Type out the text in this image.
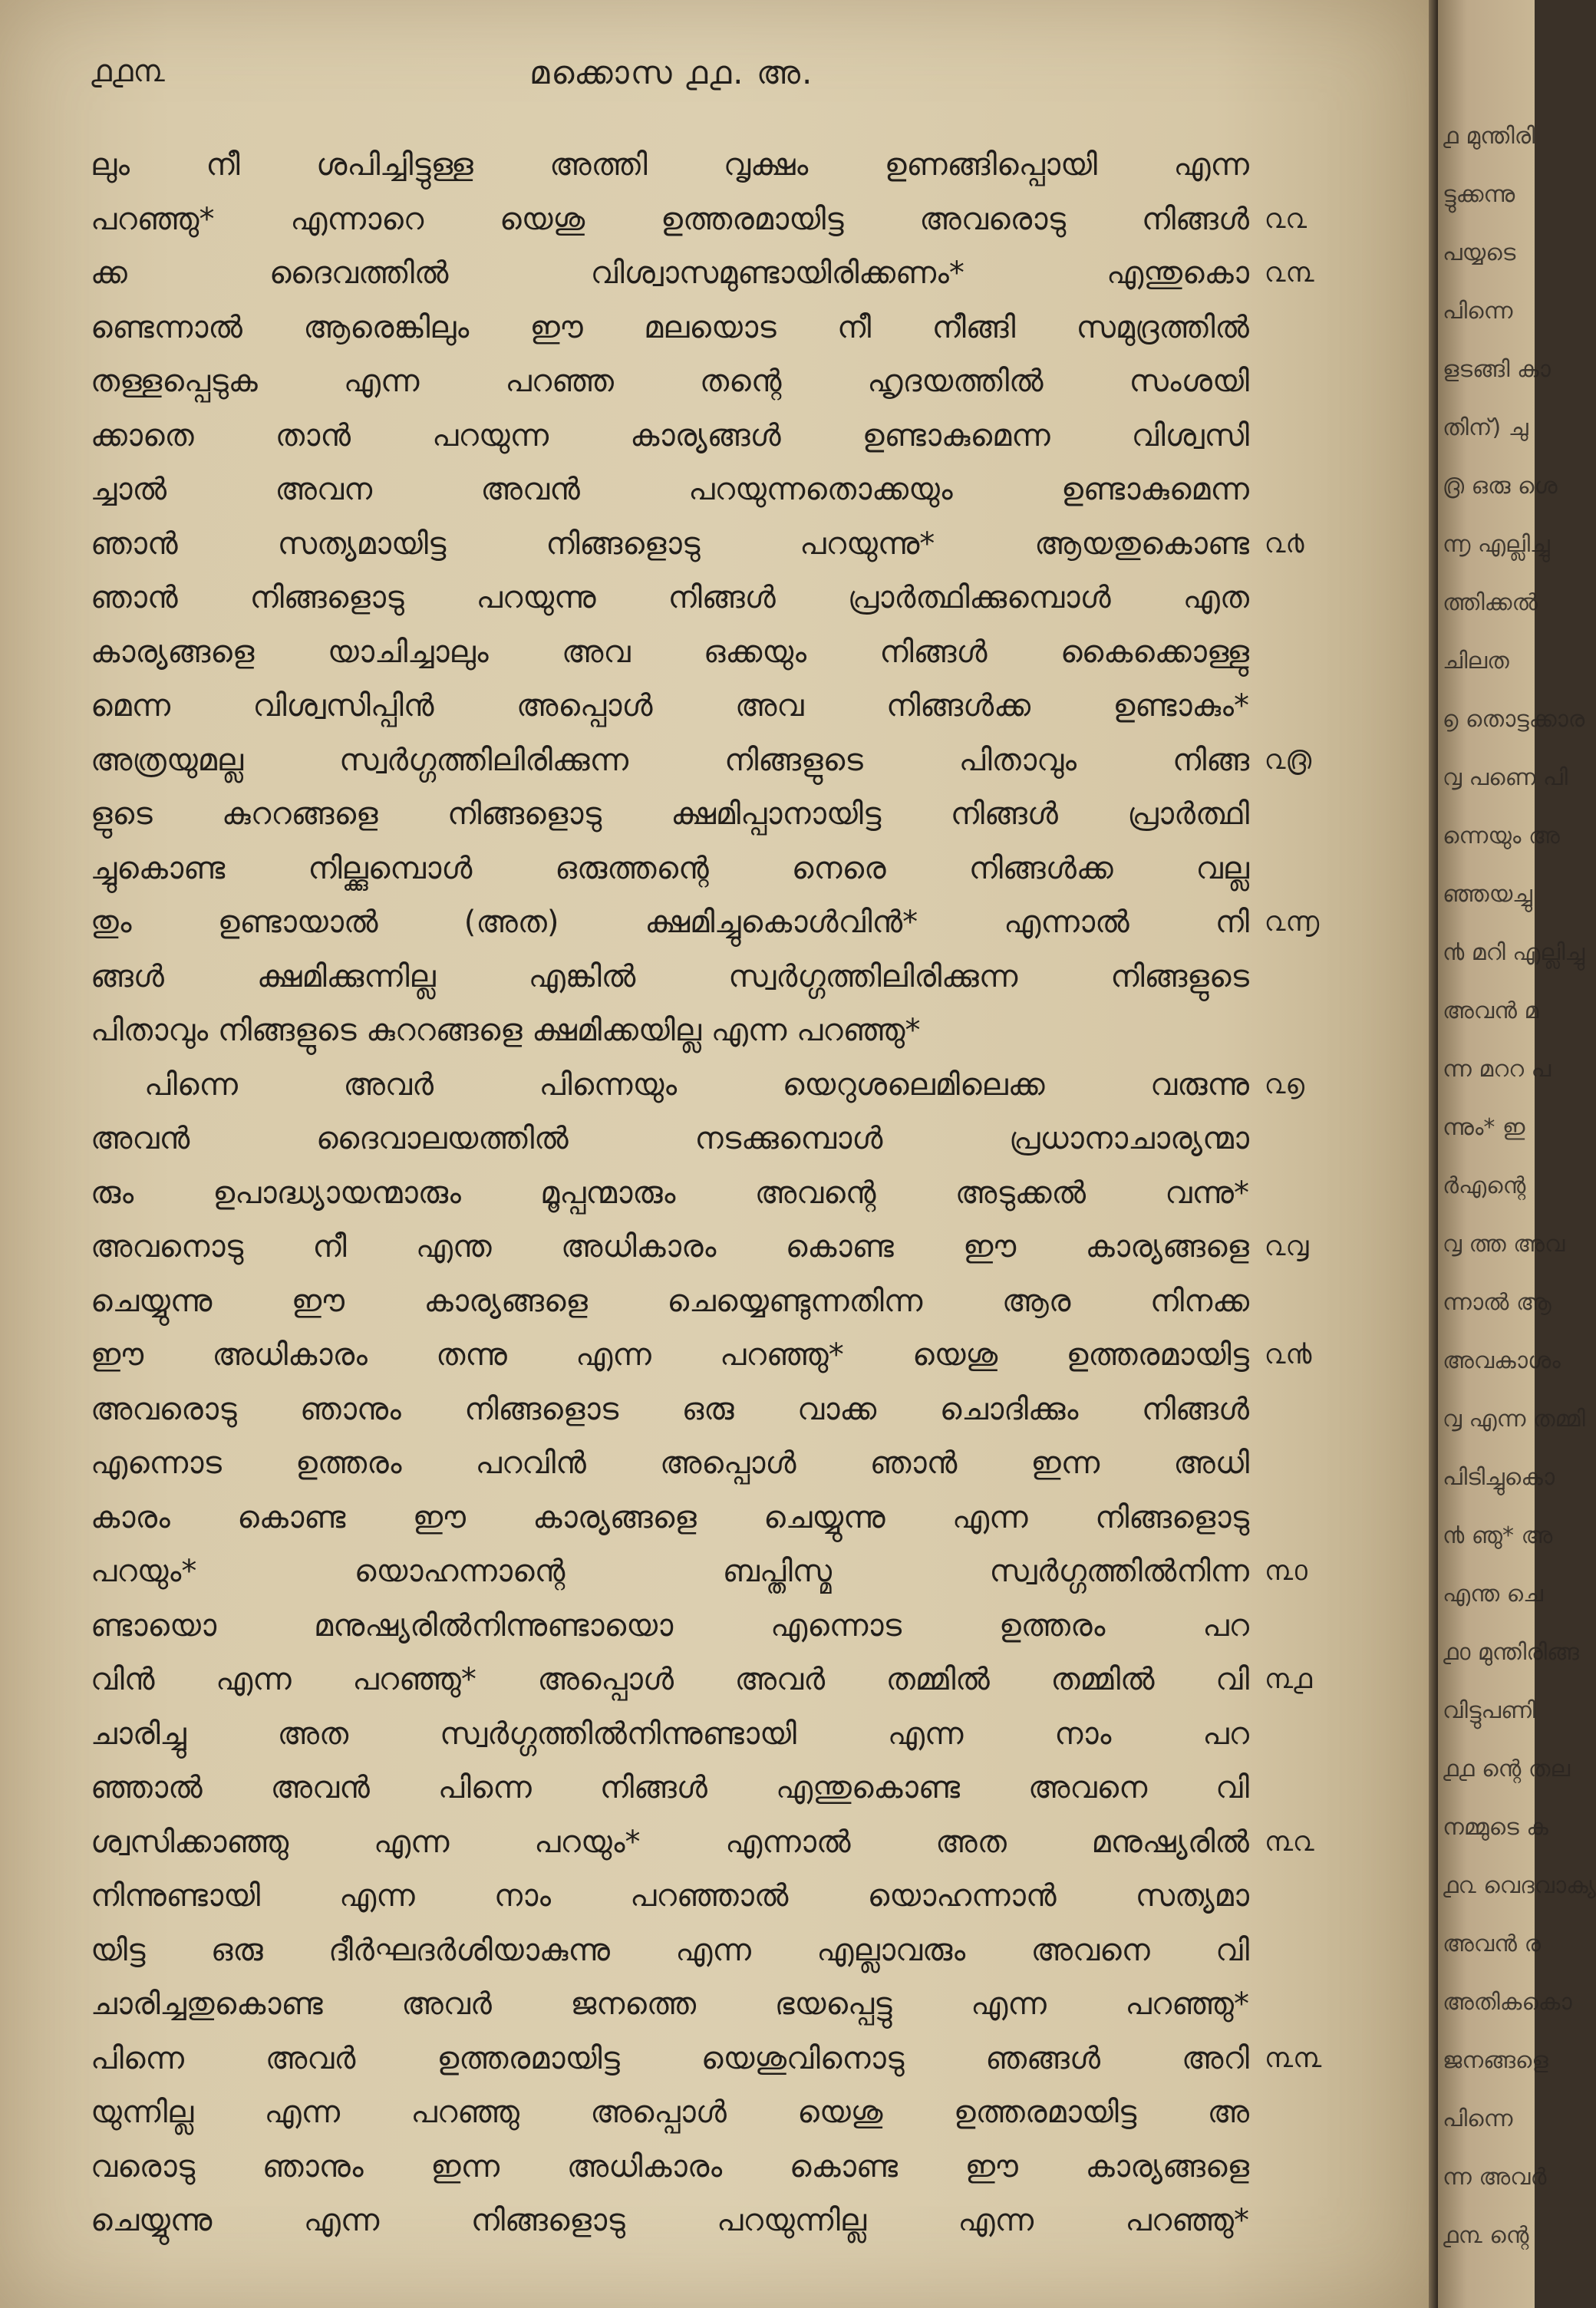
൧൧൩	മക്കൊസ ൧൧. അ.
ലും നീ ശപിച്ചിട്ടുള്ള അത്തി വൃക്ഷം ഉണങ്ങിപ്പൊയി എന്ന
പറഞ്ഞു* എന്നാറെ യെശു ഉത്തരമായിട്ട അവരൊടു നിങ്ങൾ
ക്ക ദൈവത്തിൽ വിശ്വാസമുണ്ടായിരിക്കണം* എന്തുകൊ
ണ്ടെന്നാൽ ആരെങ്കിലും ഈ മലയൊട നീ നീങ്ങി സമുദ്രത്തിൽ
തള്ളപ്പെടുക എന്ന പറഞ്ഞ തന്റെ ഹൃദയത്തിൽ സംശയി
ക്കാതെ താൻ പറയുന്ന കാര്യങ്ങൾ ഉണ്ടാകുമെന്ന വിശ്വസി
ച്ചാൽ അവന അവൻ പറയുന്നതൊക്കയും ഉണ്ടാകുമെന്ന
ഞാൻ സത്യമായിട്ട നിങ്ങളൊടു പറയുന്നു* ആയതുകൊണ്ട
ഞാൻ നിങ്ങളൊടു പറയുന്നു നിങ്ങൾ പ്രാർത്ഥിക്കുമ്പൊൾ എത
കാര്യങ്ങളെ യാചിച്ചാലും അവ ഒക്കയും നിങ്ങൾ കൈക്കൊള്ളു
മെന്ന വിശ്വസിപ്പിൻ അപ്പൊൾ അവ നിങ്ങൾക്ക ഉണ്ടാകും*
അത്രയുമല്ല സ്വർഗ്ഗത്തിലിരിക്കുന്ന നിങ്ങളുടെ പിതാവും നിങ്ങ
ളുടെ കുററങ്ങളെ നിങ്ങളൊടു ക്ഷമിപ്പാനായിട്ട നിങ്ങൾ പ്രാർത്ഥി
ച്ചുകൊണ്ട നില്ക്കുമ്പൊൾ ഒരുത്തന്റെ നെരെ നിങ്ങൾക്ക വല്ല
തും ഉണ്ടായാൽ (അത) ക്ഷമിച്ചുകൊൾവിൻ* എന്നാൽ നി
ങ്ങൾ ക്ഷമിക്കുന്നില്ല എങ്കിൽ സ്വർഗ്ഗത്തിലിരിക്കുന്ന നിങ്ങളുടെ
പിതാവും നിങ്ങളുടെ കുററങ്ങളെ ക്ഷമിക്കയില്ല എന്ന പറഞ്ഞു*
പിന്നെ അവർ പിന്നെയും യെറുശലെമിലെക്ക വരുന്നു
അവൻ ദൈവാലയത്തിൽ നടക്കുമ്പൊൾ പ്രധാനാചാര്യന്മാ
രും ഉപാദ്ധ്യായന്മാരും മൂപ്പന്മാരും അവന്റെ അടുക്കൽ വന്നു*
അവനൊടു നീ എന്ത അധികാരം കൊണ്ട ഈ കാര്യങ്ങളെ
ചെയ്യുന്നു ഈ കാര്യങ്ങളെ ചെയ്യെണ്ടുന്നതിന്ന ആര നിനക്ക
ഈ അധികാരം തന്നു എന്ന പറഞ്ഞു* യെശു ഉത്തരമായിട്ട
അവരൊടു ഞാനും നിങ്ങളൊട ഒരു വാക്ക ചൊദിക്കും നിങ്ങൾ
എന്നൊട ഉത്തരം പറവിൻ അപ്പൊൾ ഞാൻ ഇന്ന അധി
കാരം കൊണ്ട ഈ കാര്യങ്ങളെ ചെയ്യുന്നു എന്ന നിങ്ങളൊടു
പറയും* യൊഹന്നാന്റെ ബപ്തിസ്മ സ്വർഗ്ഗത്തിൽനിന്ന
ണ്ടായൊ മനുഷ്യരിൽനിന്നുണ്ടായൊ എന്നൊട ഉത്തരം പറ
വിൻ എന്ന പറഞ്ഞു* അപ്പൊൾ അവർ തമ്മിൽ തമ്മിൽ വി
ചാരിച്ചു അത സ്വർഗ്ഗത്തിൽനിന്നുണ്ടായി എന്ന നാം പറ
ഞ്ഞാൽ അവൻ പിന്നെ നിങ്ങൾ എന്തുകൊണ്ട അവനെ വി
ശ്വസിക്കാഞ്ഞു എന്ന പറയും* എന്നാൽ അത മനുഷ്യരിൽ
നിന്നുണ്ടായി എന്ന നാം പറഞ്ഞാൽ യൊഹന്നാൻ സത്യമാ
യിട്ട ഒരു ദീർഘദർശിയാകുന്നു എന്ന എല്ലാവരും അവനെ വി
ചാരിച്ചതുകൊണ്ട അവർ ജനത്തെ ഭയപ്പെട്ടു എന്ന പറഞ്ഞു*
പിന്നെ അവർ ഉത്തരമായിട്ട യെശുവിനൊടു ഞങ്ങൾ അറി
യുന്നില്ല എന്ന പറഞ്ഞു അപ്പൊൾ യെശു ഉത്തരമായിട്ട അ
വരൊടു ഞാനും ഇന്ന അധികാരം കൊണ്ട ഈ കാര്യങ്ങളെ
ചെയ്യുന്നു എന്ന നിങ്ങളൊടു പറയുന്നില്ല എന്ന പറഞ്ഞു*
൨൨
൨൩
൨൪
൨൫
൨൬
൨൭
൨൮
൨൯
൩൦
൩൧
൩൨
൩൩
൧ മുന്തിരി
ട്ടുക്കന്നു
പയ്യടെ
പിന്നെ
ളടങ്ങി കാ
തിന്) ചു
൫ ഒരു ശെ
൬ എല്ലിച്ചു
ത്തിക്കൽ
ചിലത
൭ തൊട്ടക്കാര
൮ പണെ പി
ന്നെയും അ
ഞ്ഞയച്ചു
൯ മറി എല്ലിച്ചു
അവൻ മ
ന്ന മററ പ
ന്നും* ഇ
ർഎന്റെ
൮ ത്ത അവ
ന്നാൽ ആ
അവകാശം
൮ എന്ന തമ്മി
പിടിച്ചുകൊ
൯ ഞു* അ
എന്ത ചെ
൧൦ മുന്തിരിങ്ങ
വിട്ടുപണി
൧൧ ന്റെ തല
നമ്മുടെ ക
൧൨ വെദവാക്യ
അവൻ ര
അതികകൊ
ജനങ്ങളെ
പിന്നെ
ന്ന അവർ
൧൩ ന്റെ
